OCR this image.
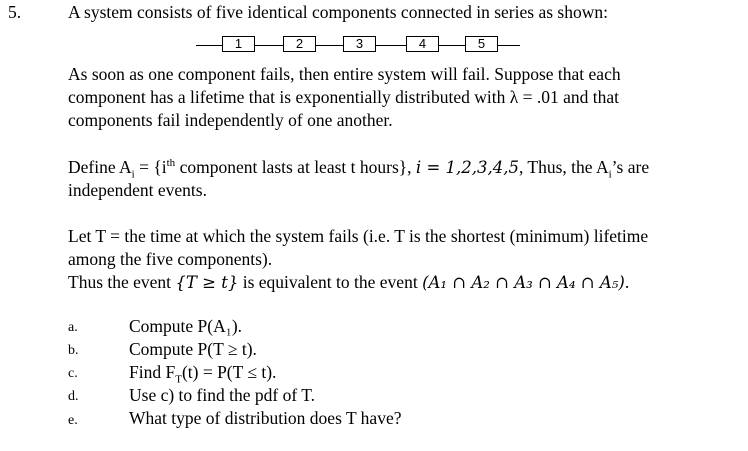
5.	A system consists of five identical components connected in series as shown:
1	2	3	4	5
As soon as one component fails, then entire system will fail. Suppose that each
component has a lifetime that is exponentially distributed with λ = .01 and that
components fail independently of one another.
Define $A_i = \{i^{th}$ component lasts at least t hours}, i = 1,2,3,4,5, Thus, the $A_i’s$ are
independent events.
Let T = the time at which the system fails (i.e. T is the shortest (minimum) lifetime
among the five components).
Thus the event {T ≥ t} is equivalent to the event (A₁ ∩ A₂ ∩ A₃ ∩ A₄ ∩ A₅).
a.	Compute P(A₁).
b.	Compute P(T ≥ t).
c.	Find $F_T(t) = P(T \le t)$.
d.	Use c) to find the pdf of T.
e.	What type of distribution does T have?
